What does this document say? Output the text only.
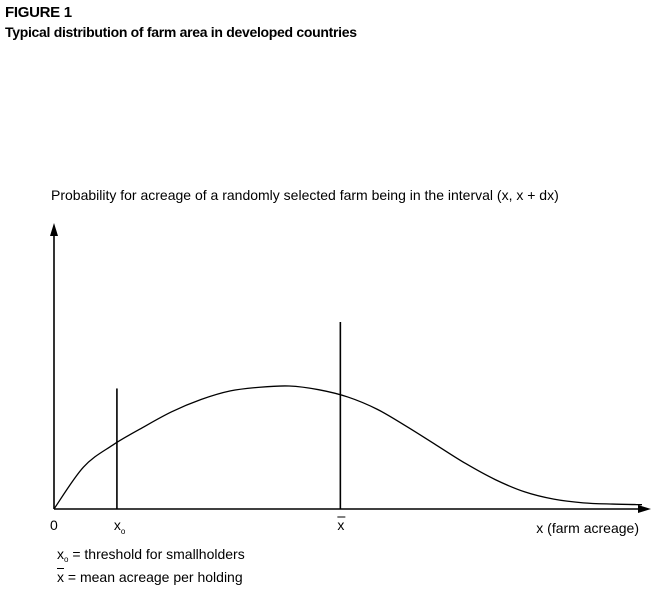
FIGURE 1
Typical distribution of farm area in developed countries
Probability for acreage of a randomly selected farm being in the interval (x, x + dx)
$x_o$	x
0	x (farm acreage)
$x_o$ = threshold for smallholders
$\overline{x}$ = mean acreage per holding
